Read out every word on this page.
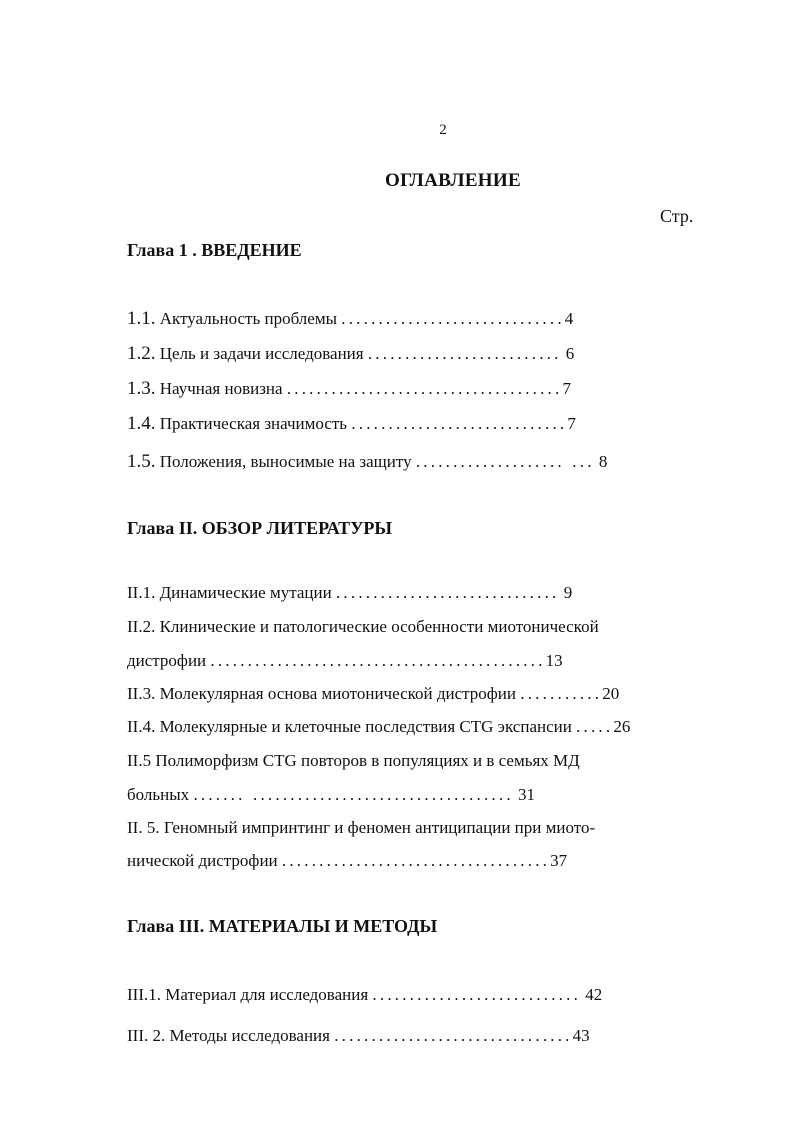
2
ОГЛАВЛЕНИЕ
Стр.
Глава 1 . ВВЕДЕНИЕ
1.1. Актуальность проблемы ..............................4
1.2. Цель и задачи исследования .......................... 6
1.3. Научная новизна .....................................7
1.4. Практическая значимость .............................7
1.5. Положения, выносимые на защиту .................... ... 8
Глава II. ОБЗОР ЛИТЕРАТУРЫ
II.1. Динамические мутации .............................. 9
II.2. Клинические и патологические особенности миотонической
дистрофии .............................................13
II.3. Молекулярная основа миотонической дистрофии ...........20
II.4. Молекулярные и клеточные последствия CTG экспансии .....26
II.5 Полиморфизм CTG повторов в популяциях и в семьях МД
больных ....... ................................... 31
II. 5. Геномный импринтинг и феномен антиципации при миото-
нической дистрофии ....................................37
Глава III. МАТЕРИАЛЫ И МЕТОДЫ
III.1. Материал для исследования ............................ 42
III. 2. Методы исследования ................................43
